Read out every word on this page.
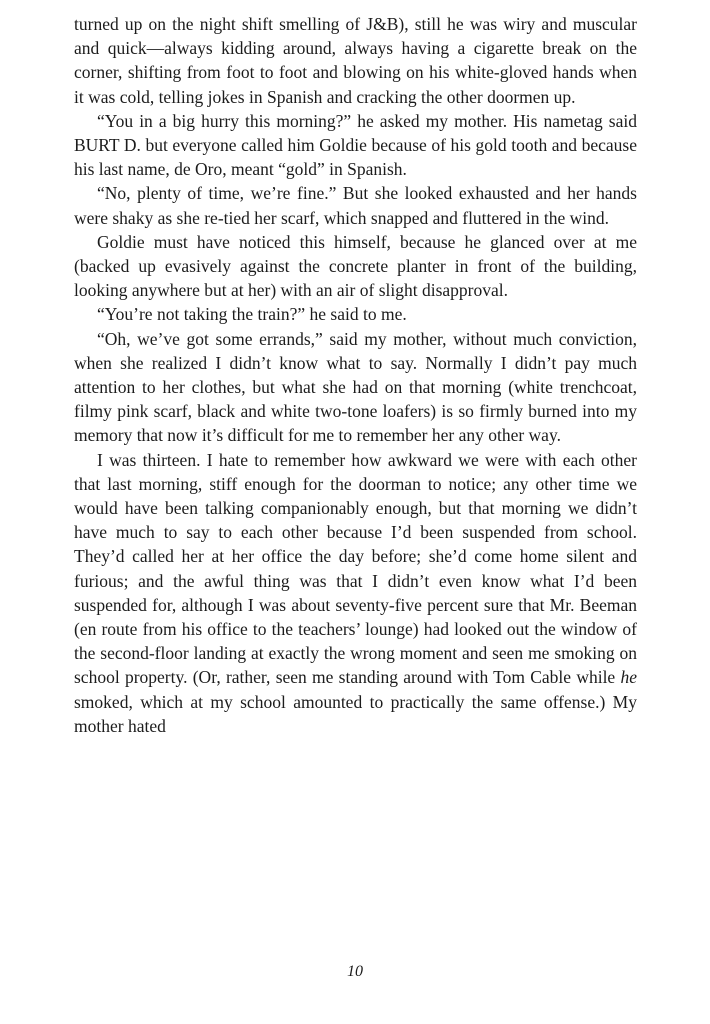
turned up on the night shift smelling of J&B), still he was wiry and muscular and quick—always kidding around, always having a cigarette break on the corner, shifting from foot to foot and blowing on his white-gloved hands when it was cold, telling jokes in Spanish and cracking the other doormen up.

“You in a big hurry this morning?” he asked my mother. His nametag said BURT D. but everyone called him Goldie because of his gold tooth and because his last name, de Oro, meant “gold” in Spanish.

“No, plenty of time, we’re fine.” But she looked exhausted and her hands were shaky as she re-tied her scarf, which snapped and fluttered in the wind.

Goldie must have noticed this himself, because he glanced over at me (backed up evasively against the concrete planter in front of the building, looking anywhere but at her) with an air of slight disapproval.

“You’re not taking the train?” he said to me.

“Oh, we’ve got some errands,” said my mother, without much conviction, when she realized I didn’t know what to say. Normally I didn’t pay much attention to her clothes, but what she had on that morning (white trenchcoat, filmy pink scarf, black and white two-tone loafers) is so firmly burned into my memory that now it’s difficult for me to remember her any other way.

I was thirteen. I hate to remember how awkward we were with each other that last morning, stiff enough for the doorman to notice; any other time we would have been talking companionably enough, but that morning we didn’t have much to say to each other because I’d been suspended from school. They’d called her at her office the day before; she’d come home silent and furious; and the awful thing was that I didn’t even know what I’d been suspended for, although I was about seventy-five percent sure that Mr. Beeman (en route from his office to the teachers’ lounge) had looked out the window of the second-floor landing at exactly the wrong moment and seen me smoking on school property. (Or, rather, seen me standing around with Tom Cable while he smoked, which at my school amounted to practically the same offense.) My mother hated

10
